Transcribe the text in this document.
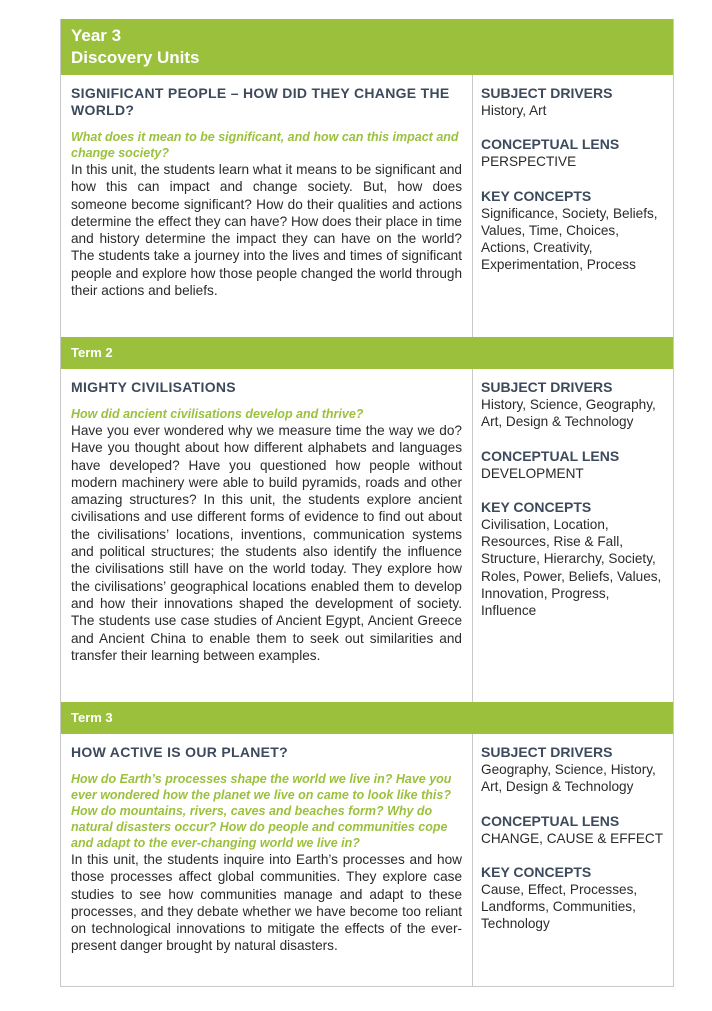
Year 3
Discovery Units
SIGNIFICANT PEOPLE – HOW DID THEY CHANGE THE WORLD?
What does it mean to be significant, and how can this impact and change society?
In this unit, the students learn what it means to be significant and how this can impact and change society. But, how does someone become significant? How do their qualities and actions determine the effect they can have? How does their place in time and history determine the impact they can have on the world? The students take a journey into the lives and times of significant people and explore how those people changed the world through their actions and beliefs.
SUBJECT DRIVERS
History, Art
CONCEPTUAL LENS
PERSPECTIVE
KEY CONCEPTS
Significance, Society, Beliefs, Values, Time, Choices, Actions, Creativity, Experimentation, Process
Term 2
MIGHTY CIVILISATIONS
How did ancient civilisations develop and thrive?
Have you ever wondered why we measure time the way we do? Have you thought about how different alphabets and languages have developed? Have you questioned how people without modern machinery were able to build pyramids, roads and other amazing structures? In this unit, the students explore ancient civilisations and use different forms of evidence to find out about the civilisations’ locations, inventions, communication systems and political structures; the students also identify the influence the civilisations still have on the world today. They explore how the civilisations’ geographical locations enabled them to develop and how their innovations shaped the development of society. The students use case studies of Ancient Egypt, Ancient Greece and Ancient China to enable them to seek out similarities and transfer their learning between examples.
SUBJECT DRIVERS
History, Science, Geography, Art, Design & Technology
CONCEPTUAL LENS
DEVELOPMENT
KEY CONCEPTS
Civilisation, Location, Resources, Rise & Fall, Structure, Hierarchy, Society, Roles, Power, Beliefs, Values, Innovation, Progress, Influence
Term 3
HOW ACTIVE IS OUR PLANET?
How do Earth’s processes shape the world we live in? Have you ever wondered how the planet we live on came to look like this? How do mountains, rivers, caves and beaches form? Why do natural disasters occur? How do people and communities cope and adapt to the ever-changing world we live in?
In this unit, the students inquire into Earth’s processes and how those processes affect global communities. They explore case studies to see how communities manage and adapt to these processes, and they debate whether we have become too reliant on technological innovations to mitigate the effects of the ever-present danger brought by natural disasters.
SUBJECT DRIVERS
Geography, Science, History, Art, Design & Technology
CONCEPTUAL LENS
CHANGE, CAUSE & EFFECT
KEY CONCEPTS
Cause, Effect, Processes, Landforms, Communities, Technology
